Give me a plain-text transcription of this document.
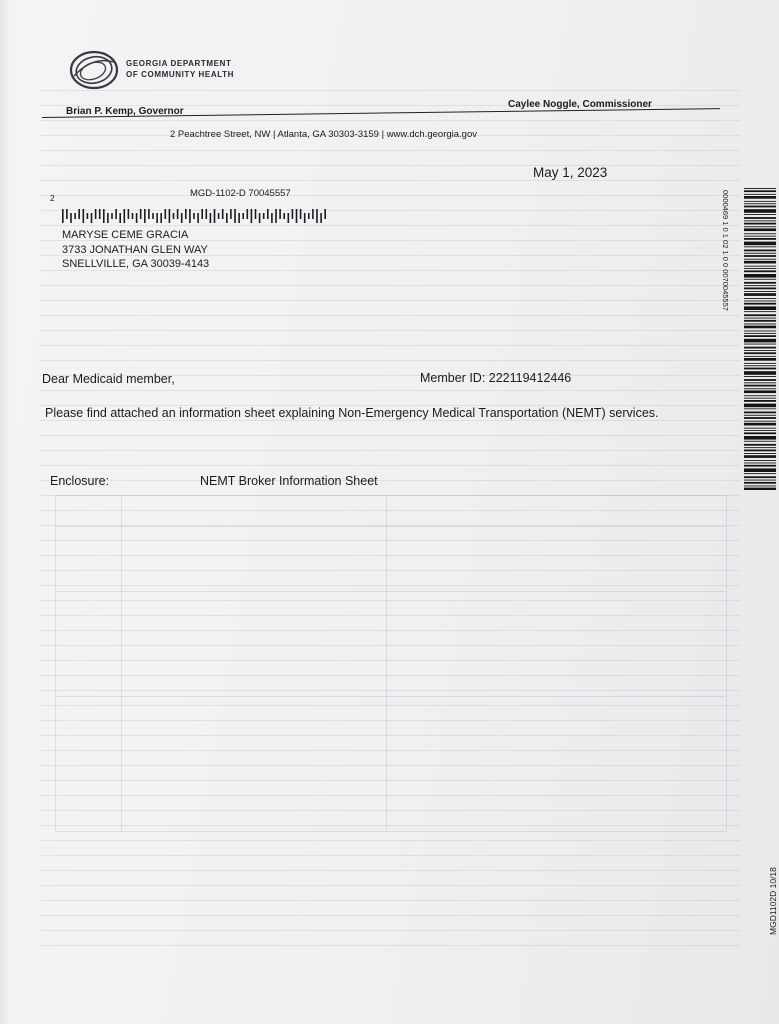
GEORGIA DEPARTMENT
OF COMMUNITY HEALTH
Brian P. Kemp, Governor
Caylee Noggle, Commissioner
2 Peachtree Street, NW | Atlanta, GA 30303-3159 | www.dch.georgia.gov
May 1, 2023
2	MGD-1102-D 70045557
MARYSE CEME GRACIA
3733 JONATHAN GLEN WAY
SNELLVILLE, GA 30039-4143
Dear Medicaid member,	Member ID: 222119412446
Please find attached an information sheet explaining Non-Emergency Medical Transportation (NEMT) services.
Enclosure:	NEMT Broker Information Sheet
0000469 1 0 1 02 1 0 0 0070045557
MGD1102D 10/18
